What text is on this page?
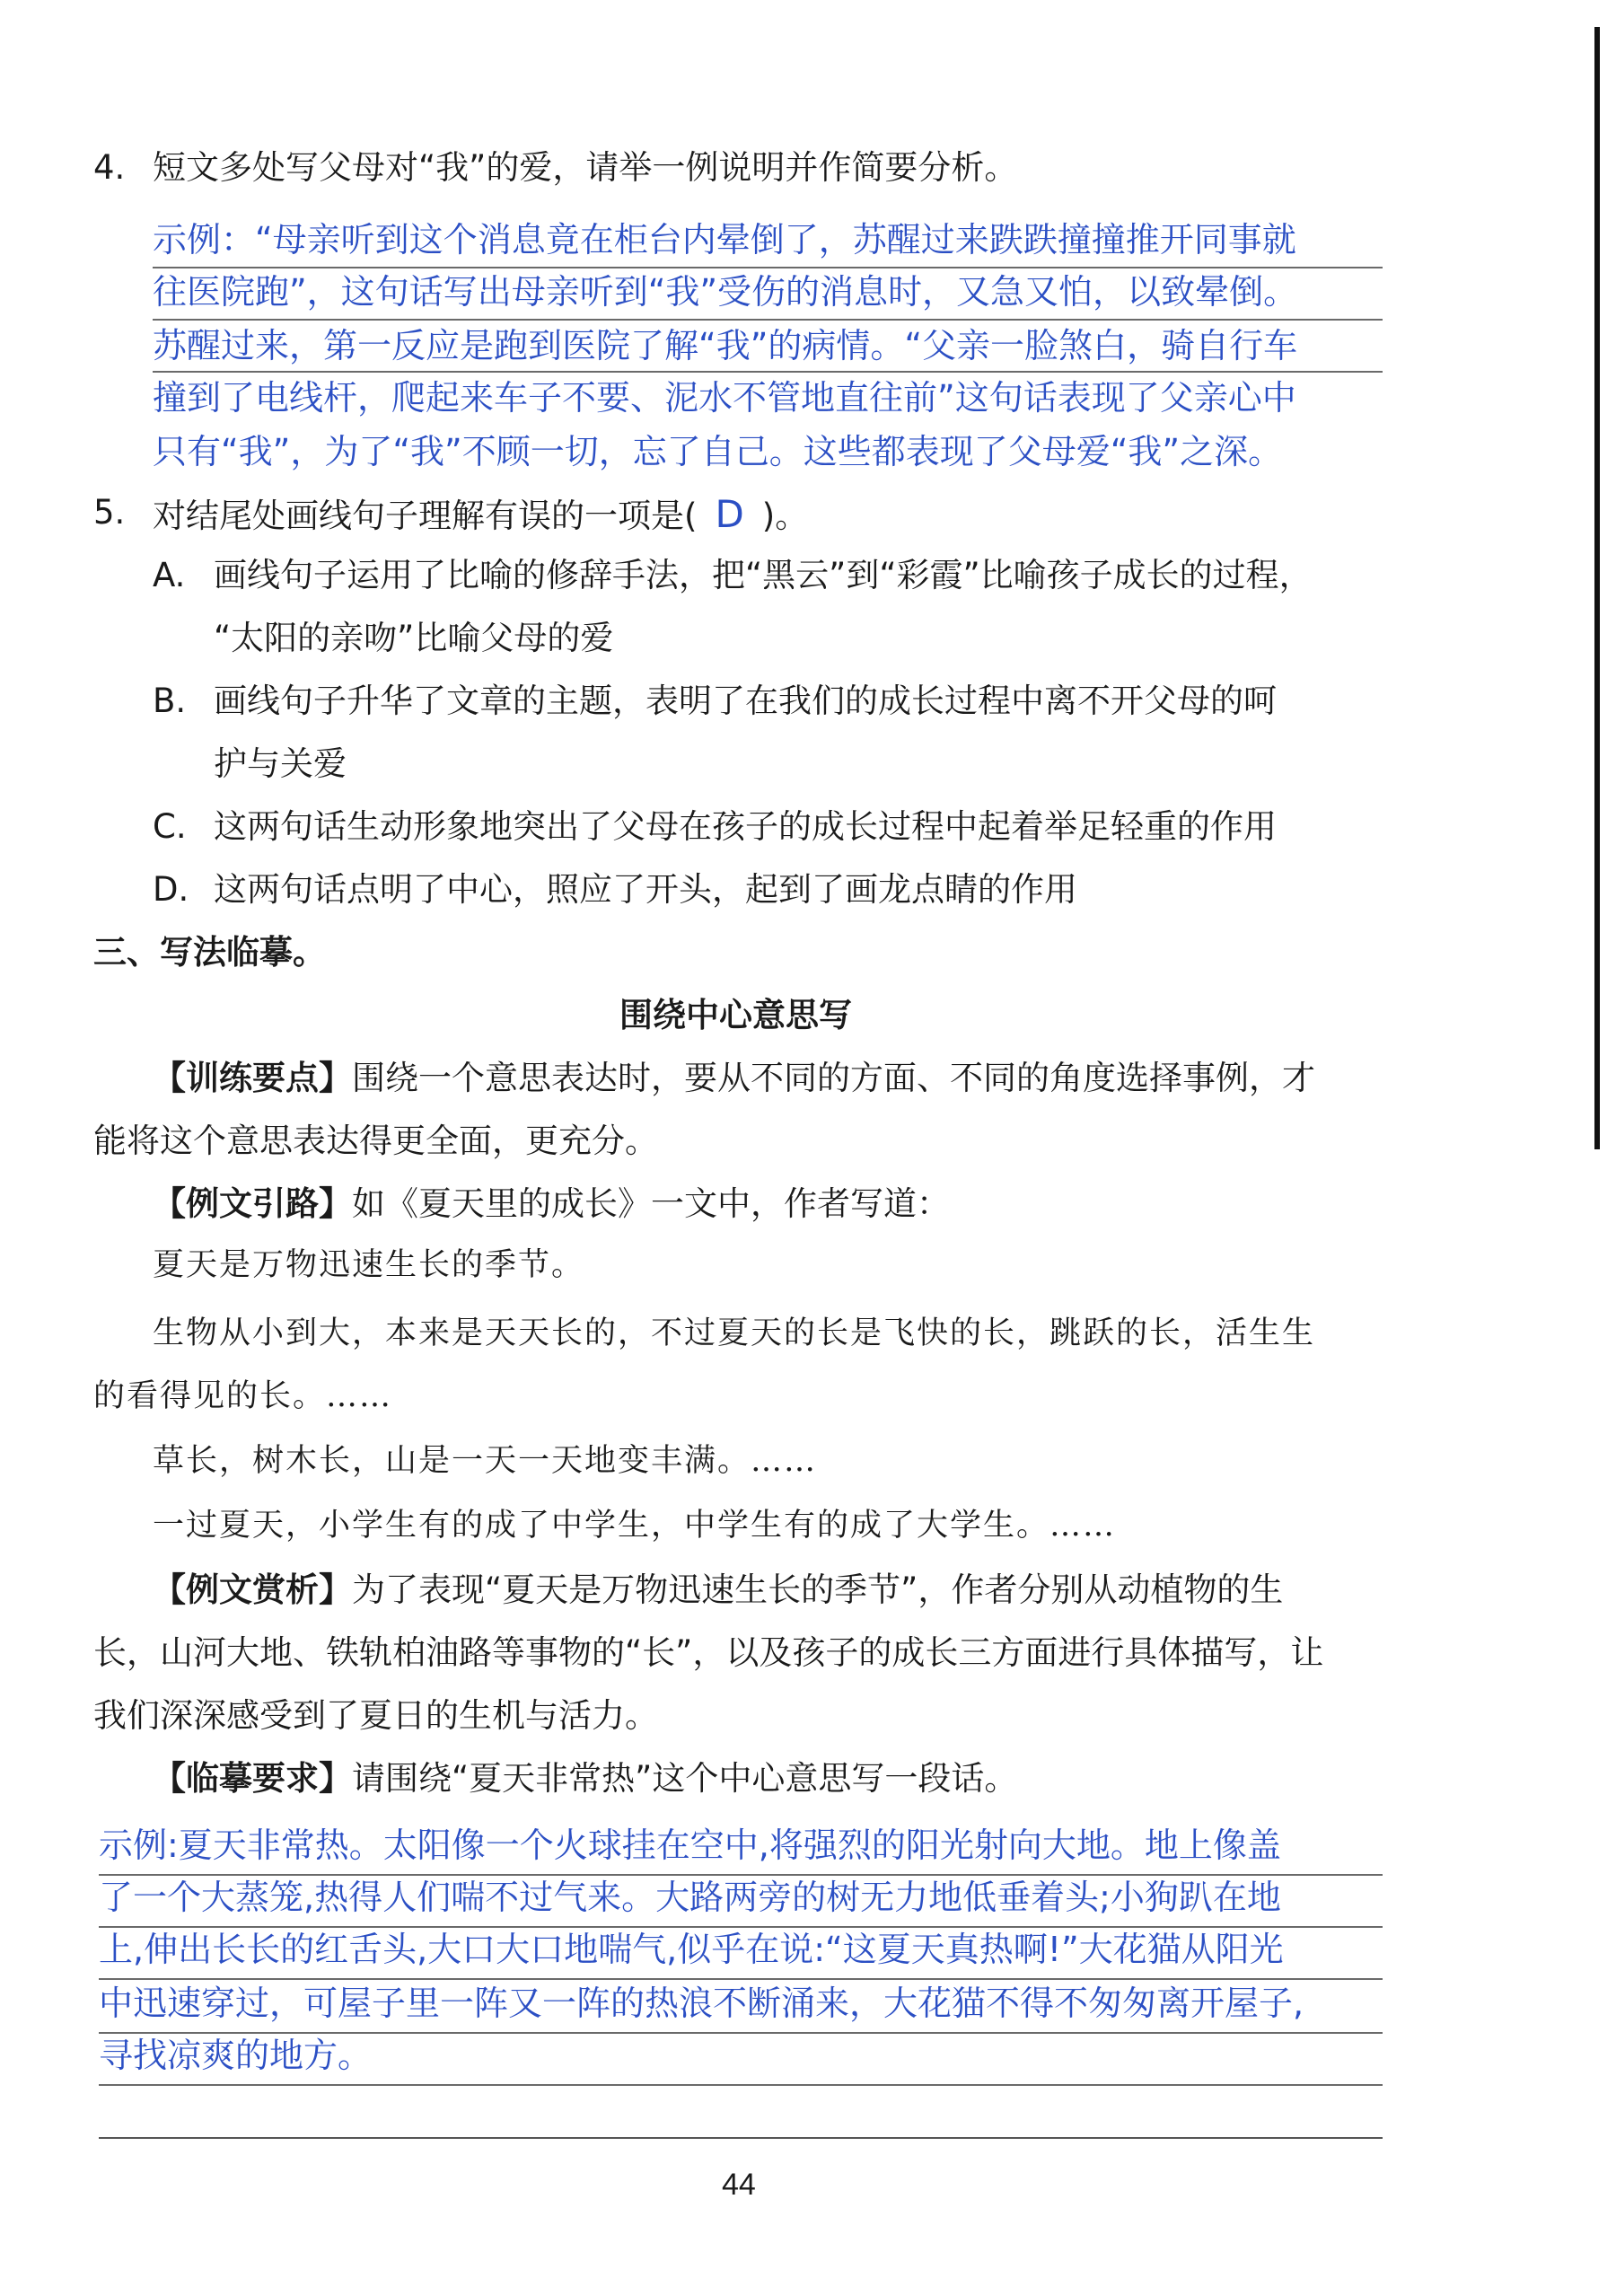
4. 短文多处写父母对“我”的爱，请举一例说明并作简要分析。
示例：“母亲听到这个消息竟在柜台内晕倒了，苏醒过来跌跌撞撞推开同事就
往医院跑”，这句话写出母亲听到“我”受伤的消息时，又急又怕，以致晕倒。
苏醒过来，第一反应是跑到医院了解“我”的病情。“父亲一脸煞白，骑自行车
撞到了电线杆，爬起来车子不要、泥水不管地直往前”这句话表现了父亲心中
只有“我”，为了“我”不顾一切，忘了自己。这些都表现了父母爱“我”之深。
5. 对结尾处画线句子理解有误的一项是( D )。
A. 画线句子运用了比喻的修辞手法，把“黑云”到“彩霞”比喻孩子成长的过程，
“太阳的亲吻”比喻父母的爱
B. 画线句子升华了文章的主题，表明了在我们的成长过程中离不开父母的呵
护与关爱
C. 这两句话生动形象地突出了父母在孩子的成长过程中起着举足轻重的作用
D. 这两句话点明了中心，照应了开头，起到了画龙点睛的作用
三、写法临摹。
围绕中心意思写
【训练要点】围绕一个意思表达时，要从不同的方面、不同的角度选择事例，才
能将这个意思表达得更全面，更充分。
【例文引路】如《夏天里的成长》一文中，作者写道：
夏天是万物迅速生长的季节。
生物从小到大，本来是天天长的，不过夏天的长是飞快的长，跳跃的长，活生生
的看得见的长。……
草长，树木长，山是一天一天地变丰满。……
一过夏天，小学生有的成了中学生，中学生有的成了大学生。……
【例文赏析】为了表现“夏天是万物迅速生长的季节”，作者分别从动植物的生
长，山河大地、铁轨柏油路等事物的“长”，以及孩子的成长三方面进行具体描写，让
我们深深感受到了夏日的生机与活力。
【临摹要求】请围绕“夏天非常热”这个中心意思写一段话。
示例:夏天非常热。太阳像一个火球挂在空中,将强烈的阳光射向大地。地上像盖
了一个大蒸笼,热得人们喘不过气来。大路两旁的树无力地低垂着头;小狗趴在地
上,伸出长长的红舌头,大口大口地喘气,似乎在说:“这夏天真热啊!”大花猫从阳光
中迅速穿过，可屋子里一阵又一阵的热浪不断涌来，大花猫不得不匆匆离开屋子,
寻找凉爽的地方。
44
